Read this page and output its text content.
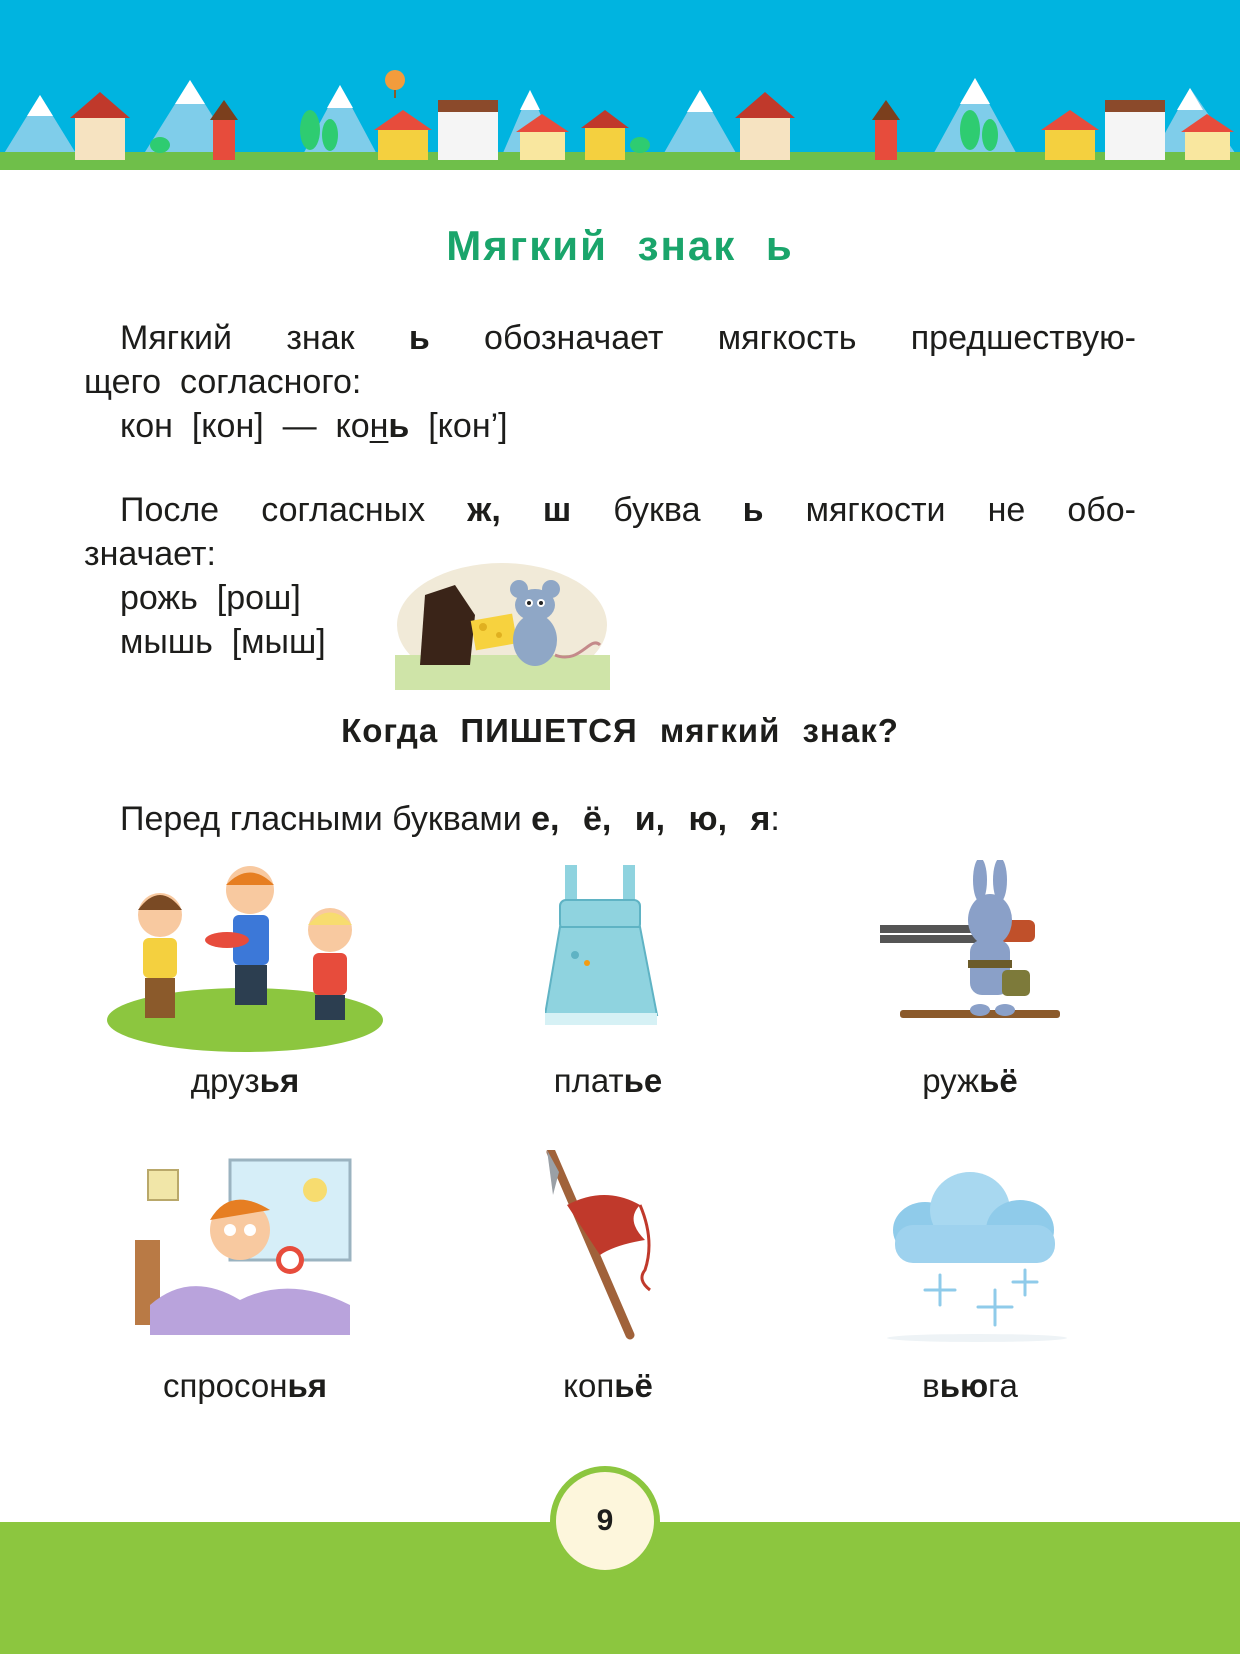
Мягкий знак ь
Мягкий знак ь обозначает мягкость предшествую-
щего  согласного:
кон  [кон]  —  конь  [кон’]
После согласных ж, ш буква ь мягкости не обо-
значает:
рожь  [рош]
мышь  [мыш]
Когда ПИШЕТСЯ мягкий знак?
Перед гласными буквами е, ё, и, ю, я:
друзья	платье	ружьё
спросонья	копьё	вьюга
9
